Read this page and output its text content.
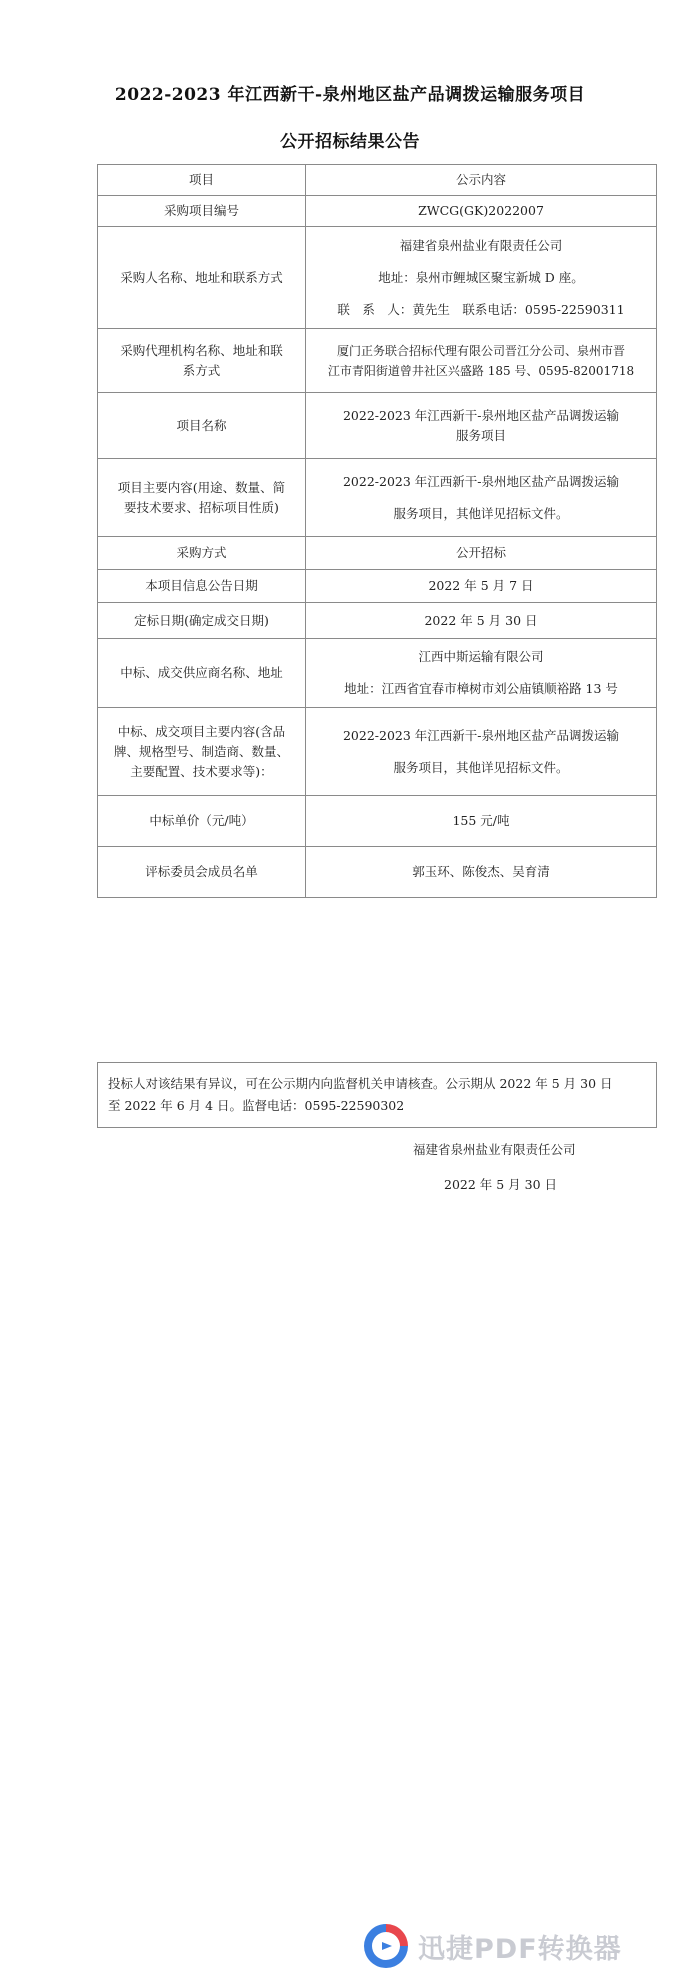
2022-2023 年江西新干-泉州地区盐产品调拨运输服务项目
公开招标结果公告
项目	公示内容

采购项目编号	ZWCG(GK)2022007

采购人名称、地址和联系方式	福建省泉州盐业有限责任公司
地址：泉州市鲤城区聚宝新城 D 座。
联　系　人：黄先生　联系电话：0595-22590311

采购代理机构名称、地址和联
系方式	厦门正务联合招标代理有限公司晋江分公司、泉州市晋
江市青阳街道曾井社区兴盛路 185 号、0595-82001718

项目名称	2022-2023 年江西新干-泉州地区盐产品调拨运输
服务项目

项目主要内容(用途、数量、简
要技术要求、招标项目性质)	2022-2023 年江西新干-泉州地区盐产品调拨运输
服务项目，其他详见招标文件。

采购方式	公开招标

本项目信息公告日期	2022 年 5 月 7 日

定标日期(确定成交日期)	2022 年 5 月 30 日

中标、成交供应商名称、地址	江西中斯运输有限公司
地址：江西省宜春市樟树市刘公庙镇顺裕路 13 号

中标、成交项目主要内容(含品
牌、规格型号、制造商、数量、
主要配置、技术要求等)：	2022-2023 年江西新干-泉州地区盐产品调拨运输
服务项目，其他详见招标文件。

中标单价（元/吨）	155 元/吨

评标委员会成员名单	郭玉环、陈俊杰、吴育清
投标人对该结果有异议，可在公示期内向监督机关申请核查。公示期从 2022 年 5 月 30 日
至 2022 年 6 月 4 日。监督电话：0595-22590302
福建省泉州盐业有限责任公司
2022 年 5 月 30 日
迅捷PDF转换器
